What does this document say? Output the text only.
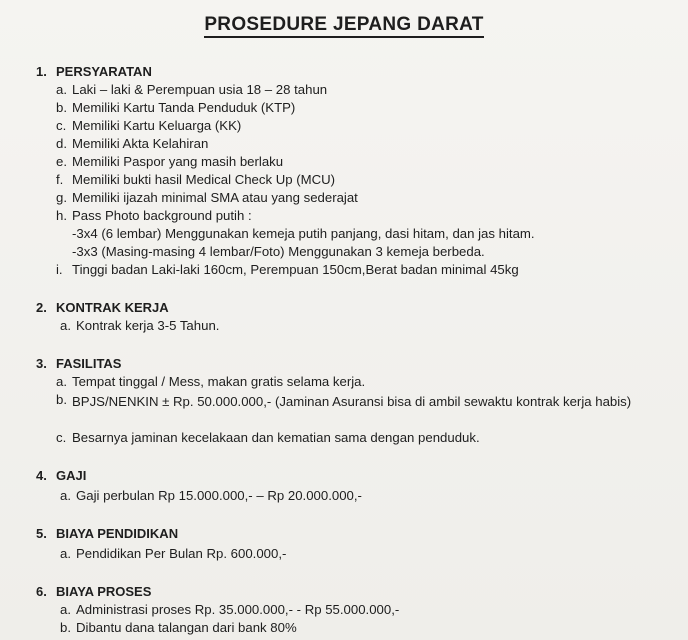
PROSEDURE JEPANG DARAT
1. PERSYARATAN
a. Laki – laki & Perempuan usia 18 – 28 tahun
b. Memiliki Kartu Tanda Penduduk (KTP)
c. Memiliki Kartu Keluarga (KK)
d. Memiliki Akta Kelahiran
e. Memiliki Paspor yang masih berlaku
f. Memiliki bukti hasil Medical Check Up (MCU)
g. Memiliki ijazah minimal SMA atau yang sederajat
h. Pass Photo background putih :
-3x4 (6 lembar) Menggunakan kemeja putih panjang, dasi hitam, dan jas hitam.
-3x3 (Masing-masing 4 lembar/Foto) Menggunakan 3 kemeja berbeda.
i. Tinggi badan Laki-laki 160cm, Perempuan 150cm,Berat badan minimal 45kg
2. KONTRAK KERJA
a. Kontrak kerja 3-5 Tahun.
3. FASILITAS
a. Tempat tinggal / Mess, makan gratis selama kerja.
b. BPJS/NENKIN ± Rp. 50.000.000,- (Jaminan Asuransi bisa di ambil sewaktu kontrak kerja habis)
c. Besarnya jaminan kecelakaan dan kematian sama dengan penduduk.
4. GAJI
a. Gaji perbulan Rp 15.000.000,- – Rp 20.000.000,-
5. BIAYA PENDIDIKAN
a. Pendidikan Per Bulan Rp. 600.000,-
6. BIAYA PROSES
a. Administrasi proses Rp. 35.000.000,- - Rp 55.000.000,-
b. Dibantu dana talangan dari bank 80%
